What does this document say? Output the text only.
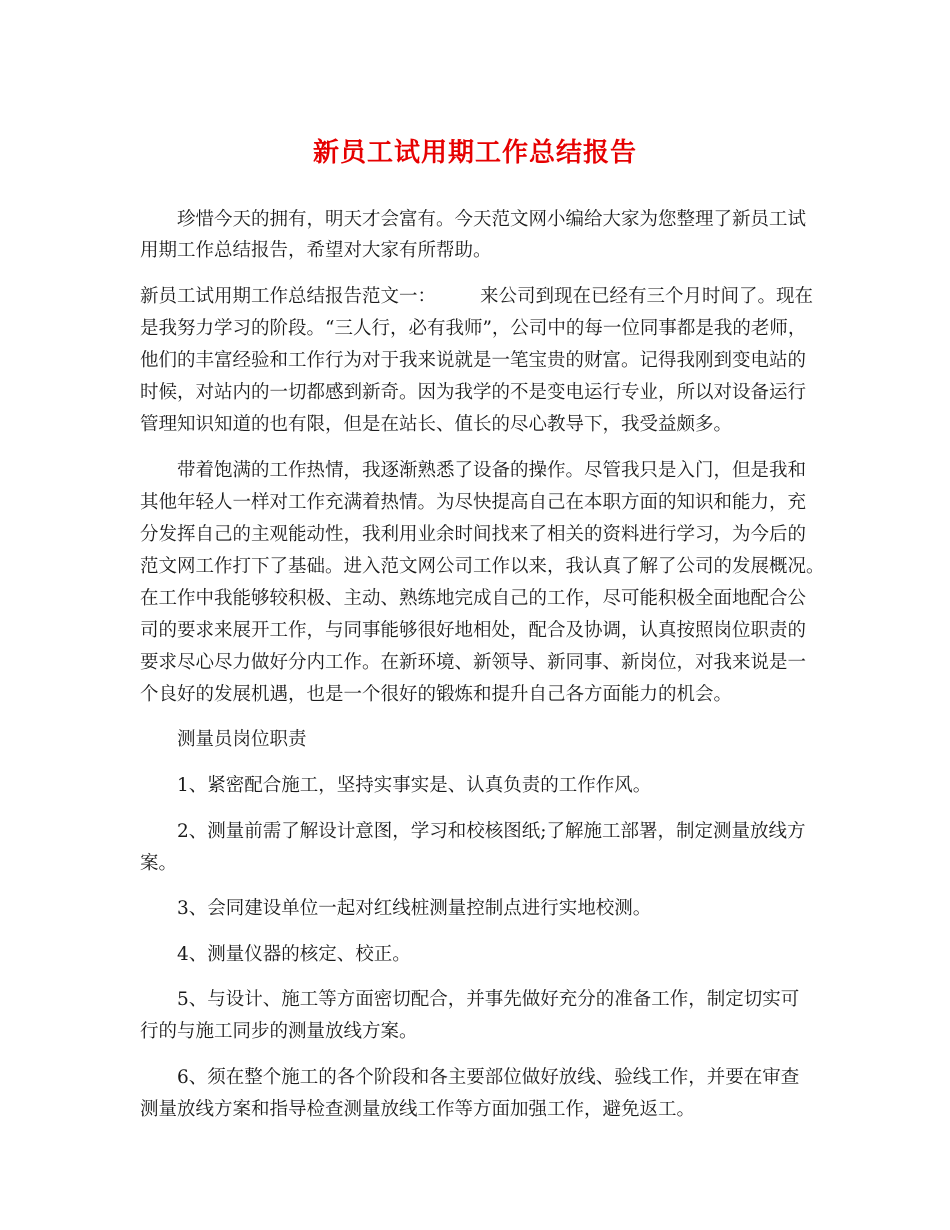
新员工试用期工作总结报告
珍惜今天的拥有，明天才会富有。今天范文网小编给大家为您整理了新员工试
用期工作总结报告，希望对大家有所帮助。
新员工试用期工作总结报告范文一： 来公司到现在已经有三个月时间了。现在
是我努力学习的阶段。“三人行，必有我师”，公司中的每一位同事都是我的老师，
他们的丰富经验和工作行为对于我来说就是一笔宝贵的财富。记得我刚到变电站的
时候，对站内的一切都感到新奇。因为我学的不是变电运行专业，所以对设备运行
管理知识知道的也有限，但是在站长、值长的尽心教导下，我受益颇多。
带着饱满的工作热情，我逐渐熟悉了设备的操作。尽管我只是入门，但是我和
其他年轻人一样对工作充满着热情。为尽快提高自己在本职方面的知识和能力，充
分发挥自己的主观能动性，我利用业余时间找来了相关的资料进行学习，为今后的
范文网工作打下了基础。进入范文网公司工作以来，我认真了解了公司的发展概况。
在工作中我能够较积极、主动、熟练地完成自己的工作，尽可能积极全面地配合公
司的要求来展开工作，与同事能够很好地相处，配合及协调，认真按照岗位职责的
要求尽心尽力做好分内工作。在新环境、新领导、新同事、新岗位，对我来说是一
个良好的发展机遇，也是一个很好的锻炼和提升自己各方面能力的机会。
测量员岗位职责
1、紧密配合施工，坚持实事实是、认真负责的工作作风。
2、测量前需了解设计意图，学习和校核图纸;了解施工部署，制定测量放线方
案。
3、会同建设单位一起对红线桩测量控制点进行实地校测。
4、测量仪器的核定、校正。
5、与设计、施工等方面密切配合，并事先做好充分的准备工作，制定切实可
行的与施工同步的测量放线方案。
6、须在整个施工的各个阶段和各主要部位做好放线、验线工作，并要在审查
测量放线方案和指导检查测量放线工作等方面加强工作，避免返工。
